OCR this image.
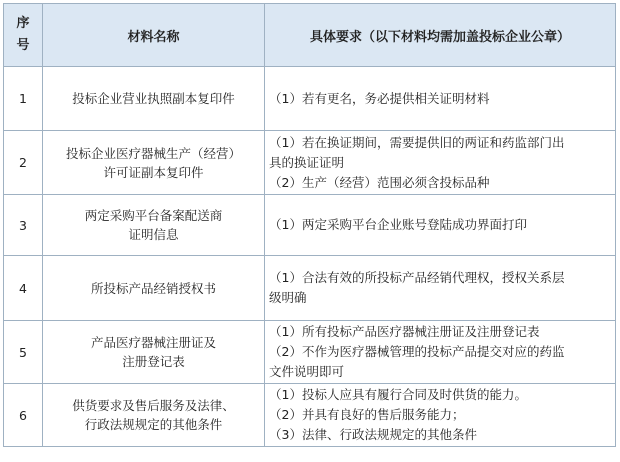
序
号	材料名称	具体要求（以下材料均需加盖投标企业公章）
1	投标企业营业执照副本复印件	（1）若有更名，务必提供相关证明材料

2	投标企业医疗器械生产（经营）
许可证副本复印件	（1）若在换证期间，需要提供旧的两证和药监部门出
具的换证证明
（2）生产（经营）范围必须含投标品种

3	两定采购平台备案配送商
证明信息	（1）两定采购平台企业账号登陆成功界面打印

4	所投标产品经销授权书	（1）合法有效的所投标产品经销代理权，授权关系层
级明确

5	产品医疗器械注册证及
注册登记表	（1）所有投标产品医疗器械注册证及注册登记表
（2）不作为医疗器械管理的投标产品提交对应的药监
文件说明即可

6	供货要求及售后服务及法律、
行政法规规定的其他条件	（1）投标人应具有履行合同及时供货的能力。
（2）并具有良好的售后服务能力；
（3）法律、行政法规规定的其他条件
